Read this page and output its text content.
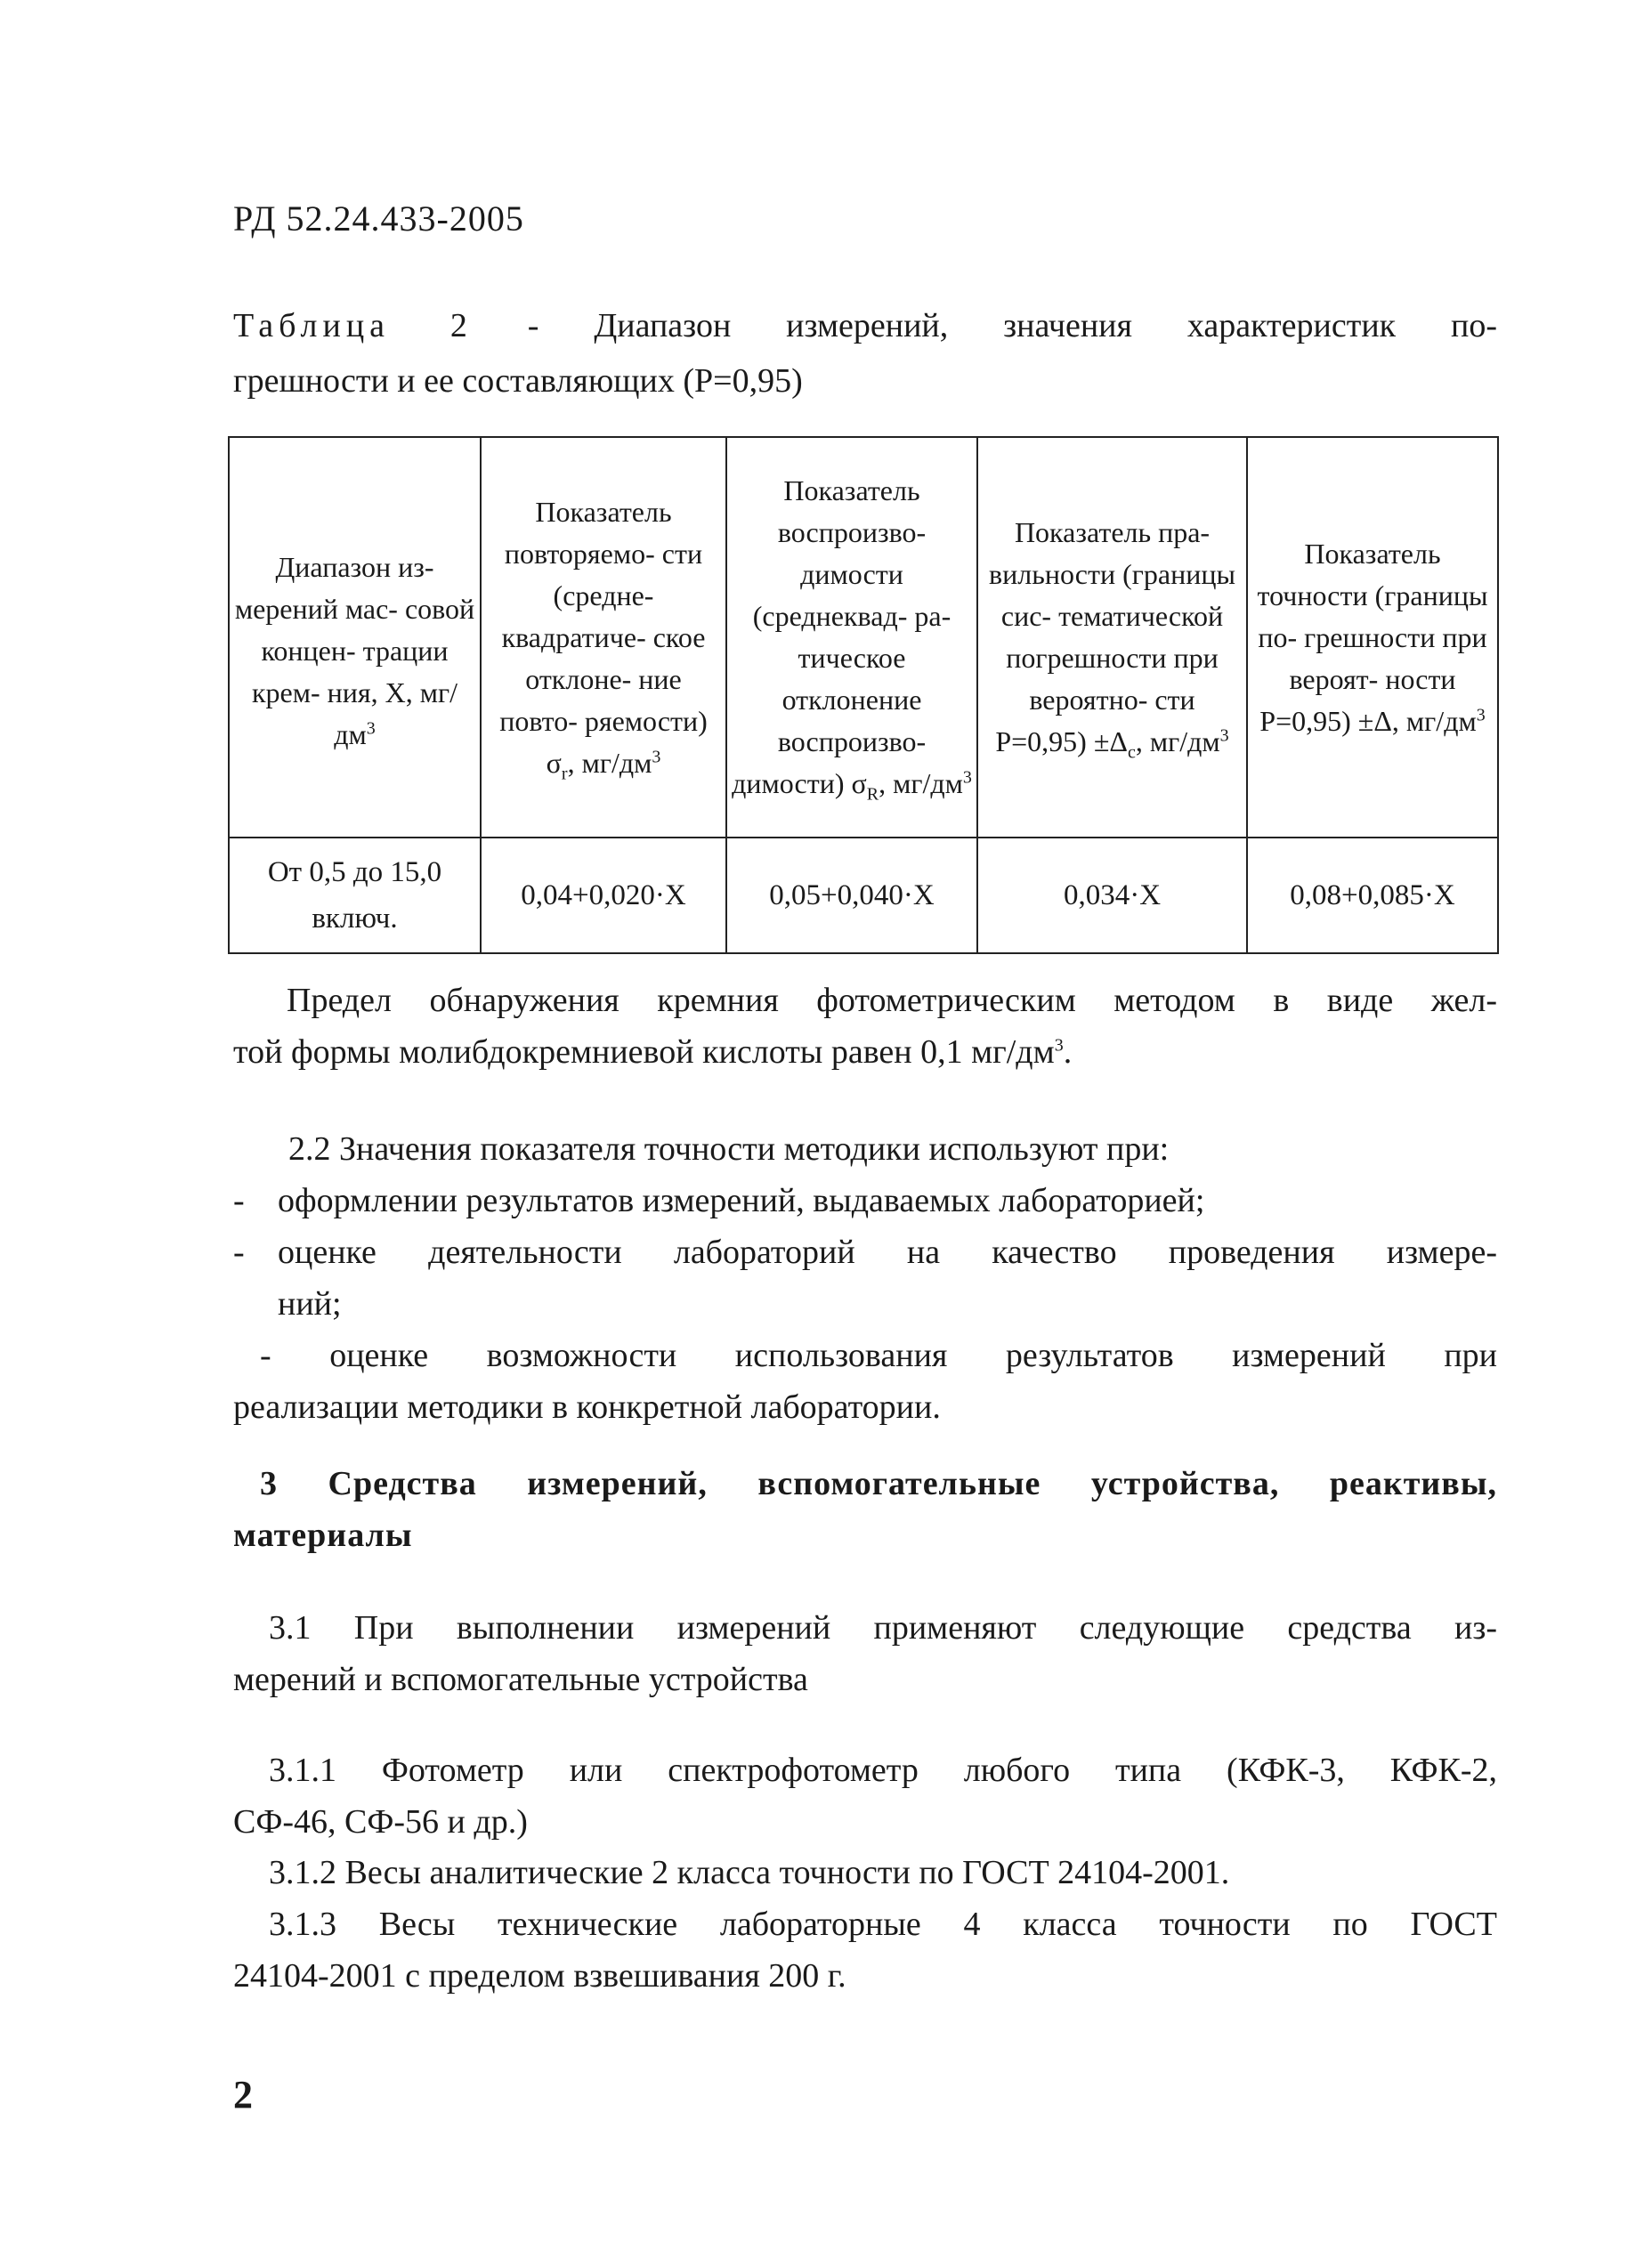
РД 52.24.433-2005
Таблица 2 - Диапазон измерений, значения характеристик по-
грешности и ее составляющих (Р=0,95)
Диапазон из- мерений мас- совой концен- трации крем- ния, Х, $мг/дм^3$	Показатель повторяемо- сти (средне- квадратиче- ское отклоне- ние повто- ряемости) $\sigma_r$, $мг/дм^3$	Показатель воспроизво- димости (среднеквад- ра-тическое отклонение воспроизво- димости) $\sigma_R$, $мг/дм^3$	Показатель пра- вильности (границы сис- тематической погрешности при вероятно- сти $Р=0,95) \pm\Delta_c$, $мг/дм^3$	Показатель точности (границы по- грешности при вероят- ности Р=0,95) ±Δ, $мг/дм^3$
От 0,5 до 15,0 включ.	0,04+0,020·Х	0,05+0,040·Х	0,034·Х	0,08+0,085·Х
Предел обнаружения кремния фотометрическим методом в виде жел-
той формы молибдокремниевой кислоты равен 0,1 $мг/дм^3$.
2.2 Значения показателя точности методики используют при:
- оформлении результатов измерений, выдаваемых лабораторией;
- оценке деятельности лабораторий на качество проведения измере-
ний;
- оценке возможности использования результатов измерений при
реализации методики в конкретной лаборатории.
3 Средства измерений, вспомогательные устройства, реактивы,
материалы
3.1 При выполнении измерений применяют следующие средства из-
мерений и вспомогательные устройства
3.1.1 Фотометр или спектрофотометр любого типа (КФК-3, КФК-2,
СФ-46, СФ-56 и др.)
3.1.2 Весы аналитические 2 класса точности по ГОСТ 24104-2001.
3.1.3 Весы технические лабораторные 4 класса точности по ГОСТ
24104-2001 с пределом взвешивания 200 г.
2
